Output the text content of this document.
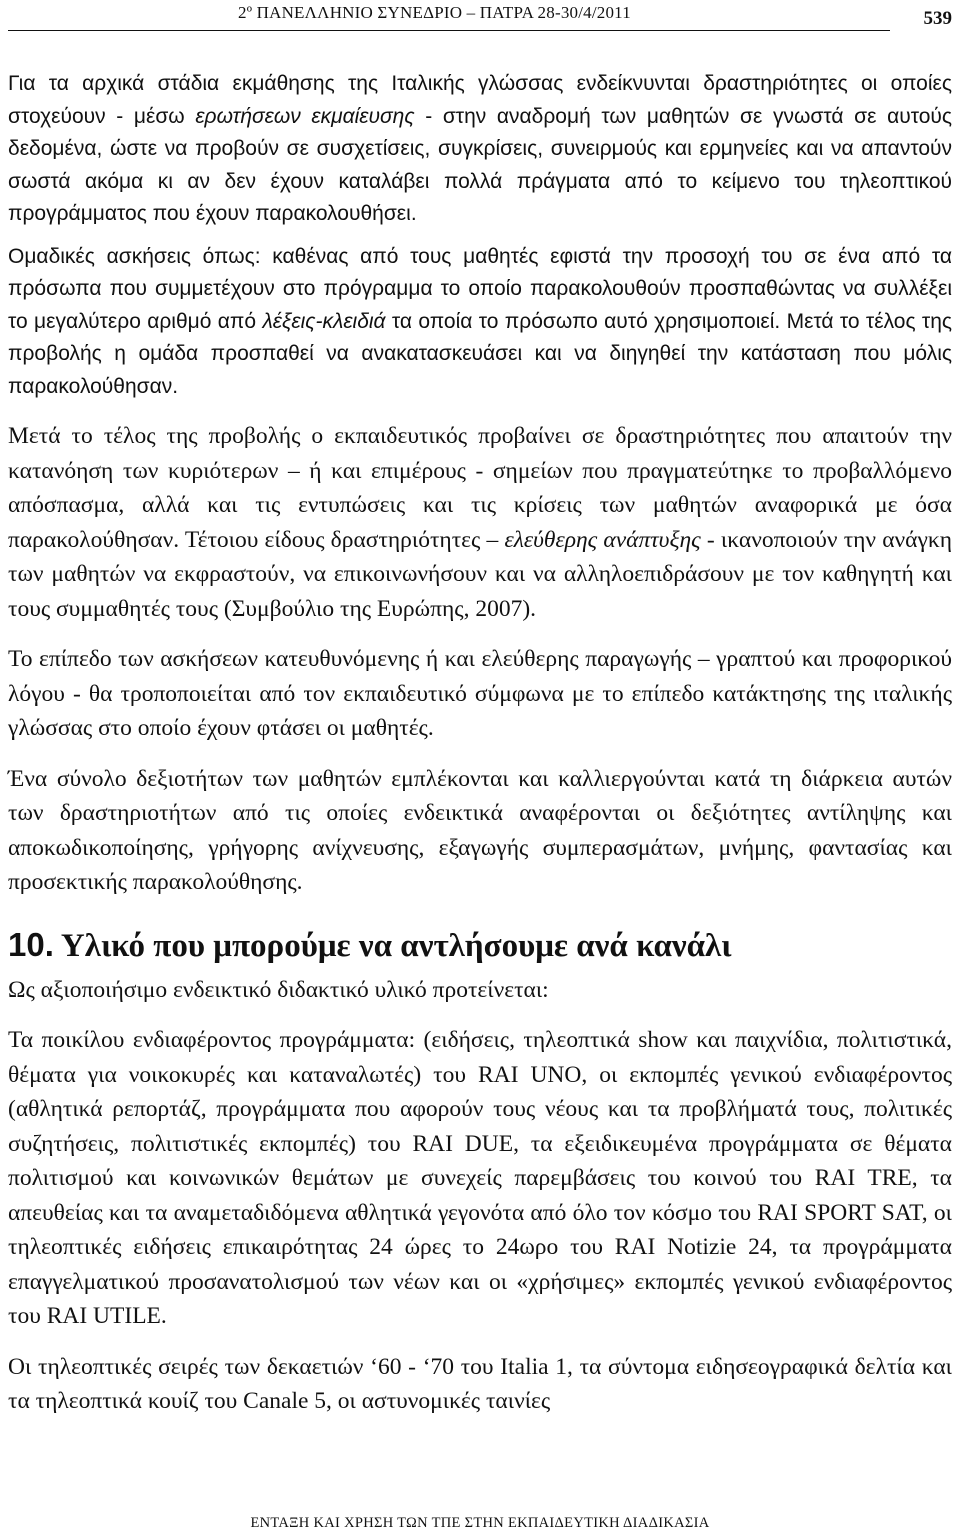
2º ΠΑΝΕΛΛΗΝΙΟ ΣΥΝΕΔΡΙΟ – ΠΑΤΡΑ 28-30/4/2011	539

Για τα αρχικά στάδια εκμάθησης της Ιταλικής γλώσσας ενδείκνυνται δραστηριότητες οι οποίες στοχεύουν - μέσω ερωτήσεων εκμαίευσης - στην αναδρομή των μαθητών σε γνωστά σε αυτούς δεδομένα, ώστε να προβούν σε συσχετίσεις, συγκρίσεις, συνειρμούς και ερμηνείες και να απαντούν σωστά ακόμα κι αν δεν έχουν καταλάβει πολλά πράγματα από το κείμενο του τηλεοπτικού προγράμματος που έχουν παρακολουθήσει.

Ομαδικές ασκήσεις όπως: καθένας από τους μαθητές εφιστά την προσοχή του σε ένα από τα πρόσωπα που συμμετέχουν στο πρόγραμμα το οποίο παρακολουθούν προσπαθώντας να συλλέξει το μεγαλύτερο αριθμό από λέξεις-κλειδιά τα οποία το πρόσωπο αυτό χρησιμοποιεί. Μετά το τέλος της προβολής η ομάδα προσπαθεί να ανακατασκευάσει και να διηγηθεί την κατάσταση που μόλις παρακολούθησαν.

Μετά το τέλος της προβολής ο εκπαιδευτικός προβαίνει σε δραστηριότητες που απαιτούν την κατανόηση των κυριότερων – ή και επιμέρους - σημείων που πραγματεύτηκε το προβαλλόμενο απόσπασμα, αλλά και τις εντυπώσεις και τις κρίσεις των μαθητών αναφορικά με όσα παρακολούθησαν. Τέτοιου είδους δραστηριότητες – ελεύθερης ανάπτυξης - ικανοποιούν την ανάγκη των μαθητών να εκφραστούν, να επικοινωνήσουν και να αλληλοεπιδράσουν με τον καθηγητή και τους συμμαθητές τους (Συμβούλιο της Ευρώπης, 2007).

Το επίπεδο των ασκήσεων κατευθυνόμενης ή και ελεύθερης παραγωγής – γραπτού και προφορικού λόγου - θα τροποποιείται από τον εκπαιδευτικό σύμφωνα με το επίπεδο κατάκτησης της ιταλικής γλώσσας στο οποίο έχουν φτάσει οι μαθητές.

Ένα σύνολο δεξιοτήτων των μαθητών εμπλέκονται και καλλιεργούνται κατά τη διάρκεια αυτών των δραστηριοτήτων από τις οποίες ενδεικτικά αναφέρονται οι δεξιότητες αντίληψης και αποκωδικοποίησης, γρήγορης ανίχνευσης, εξαγωγής συμπερασμάτων, μνήμης, φαντασίας και προσεκτικής παρακολούθησης.

10. Υλικό που μπορούμε να αντλήσουμε ανά κανάλι

Ως αξιοποιήσιμο ενδεικτικό διδακτικό υλικό προτείνεται:

Τα ποικίλου ενδιαφέροντος προγράμματα: (ειδήσεις, τηλεοπτικά show και παιχνίδια, πολιτιστικά, θέματα για νοικοκυρές και καταναλωτές) του RAI UNO, οι εκπομπές γενικού ενδιαφέροντος (αθλητικά ρεπορτάζ, προγράμματα που αφορούν τους νέους και τα προβλήματά τους, πολιτικές συζητήσεις, πολιτιστικές εκπομπές) του RAI DUE, τα εξειδικευμένα προγράμματα σε θέματα πολιτισμού και κοινωνικών θεμάτων με συνεχείς παρεμβάσεις του κοινού του RAI TRE, τα απευθείας και τα αναμεταδιδόμενα αθλητικά γεγονότα από όλο τον κόσμο του RAI SPORT SAT, οι τηλεοπτικές ειδήσεις επικαιρότητας 24 ώρες το 24ωρο του RAI Notizie 24, τα προγράμματα επαγγελματικού προσανατολισμού των νέων και οι «χρήσιμες» εκπομπές γενικού ενδιαφέροντος του RAI UTILE.

Οι τηλεοπτικές σειρές των δεκαετιών ‘60 - ‘70 του Italia 1, τα σύντομα ειδησεογραφικά δελτία και τα τηλεοπτικά κουίζ του Canale 5, οι αστυνομικές ταινίες

ΕΝΤΑΞΗ ΚΑΙ ΧΡΗΣΗ ΤΩΝ ΤΠΕ ΣΤΗΝ ΕΚΠΑΙΔΕΥΤΙΚΗ ΔΙΑΔΙΚΑΣΙΑ
